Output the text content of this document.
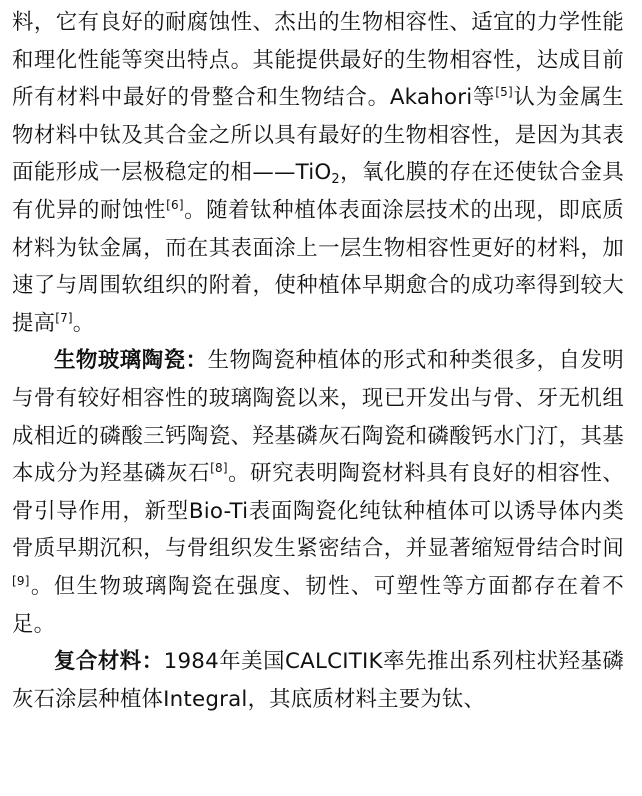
料，它有良好的耐腐蚀性、杰出的生物相容性、适宜的力学性能和理化性能等突出特点。其能提供最好的生物相容性，达成目前所有材料中最好的骨整合和生物结合。Akahori等[5]认为金属生物材料中钛及其合金之所以具有最好的生物相容性，是因为其表面能形成一层极稳定的相——TiO$_2$，氧化膜的存在还使钛合金具有优异的耐蚀性[6]。随着钛种植体表面涂层技术的出现，即底质材料为钛金属，而在其表面涂上一层生物相容性更好的材料，加速了与周围软组织的附着，使种植体早期愈合的成功率得到较大提高[7]。

生物玻璃陶瓷：生物陶瓷种植体的形式和种类很多，自发明与骨有较好相容性的玻璃陶瓷以来，现已开发出与骨、牙无机组成相近的磷酸三钙陶瓷、羟基磷灰石陶瓷和磷酸钙水门汀，其基本成分为羟基磷灰石[8]。研究表明陶瓷材料具有良好的相容性、骨引导作用，新型Bio-Ti表面陶瓷化纯钛种植体可以诱导体内类骨质早期沉积，与骨组织发生紧密结合，并显著缩短骨结合时间[9]。但生物玻璃陶瓷在强度、韧性、可塑性等方面都存在着不足。

复合材料：1984年美国CALCITIK率先推出系列柱状羟基磷灰石涂层种植体Integral，其底质材料主要为钛、
